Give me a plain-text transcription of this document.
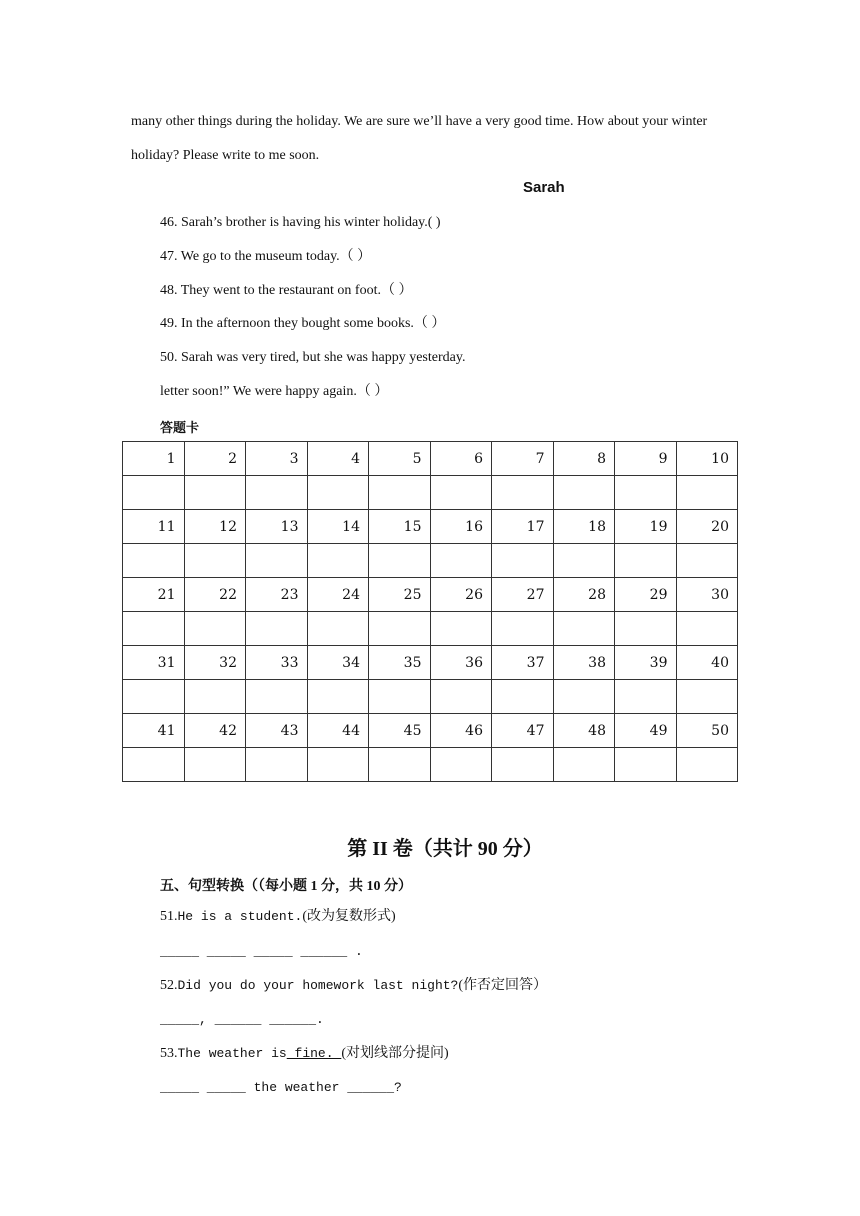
many other things during the holiday. We are sure we’ll have a very good time. How about your winter
holiday? Please write to me soon.
Sarah
46. Sarah’s brother is having his winter holiday.( )
47. We go to the museum today.（ ）
48. They went to the restaurant on foot.（ ）
49. In the afternoon they bought some books.（ ）
50. Sarah was very tired, but she was happy yesterday.
letter soon!” We were happy again.（ ）
答题卡
1	2	3	4	5	6	7	8	9	10

11	12	13	14	15	16	17	18	19	20

21	22	23	24	25	26	27	28	29	30

31	32	33	34	35	36	37	38	39	40

41	42	43	44	45	46	47	48	49	50

第 II 卷（共计 90 分）
五、句型转换（（每小题 1 分，共 10 分）
51.He is a student.(改为复数形式)
_____ _____ _____ ______ .
52.Did you do your homework last night?(作否定回答）
_____, ______ ______.
53.The weather is fine. (对划线部分提问)
_____ _____ the weather ______?
